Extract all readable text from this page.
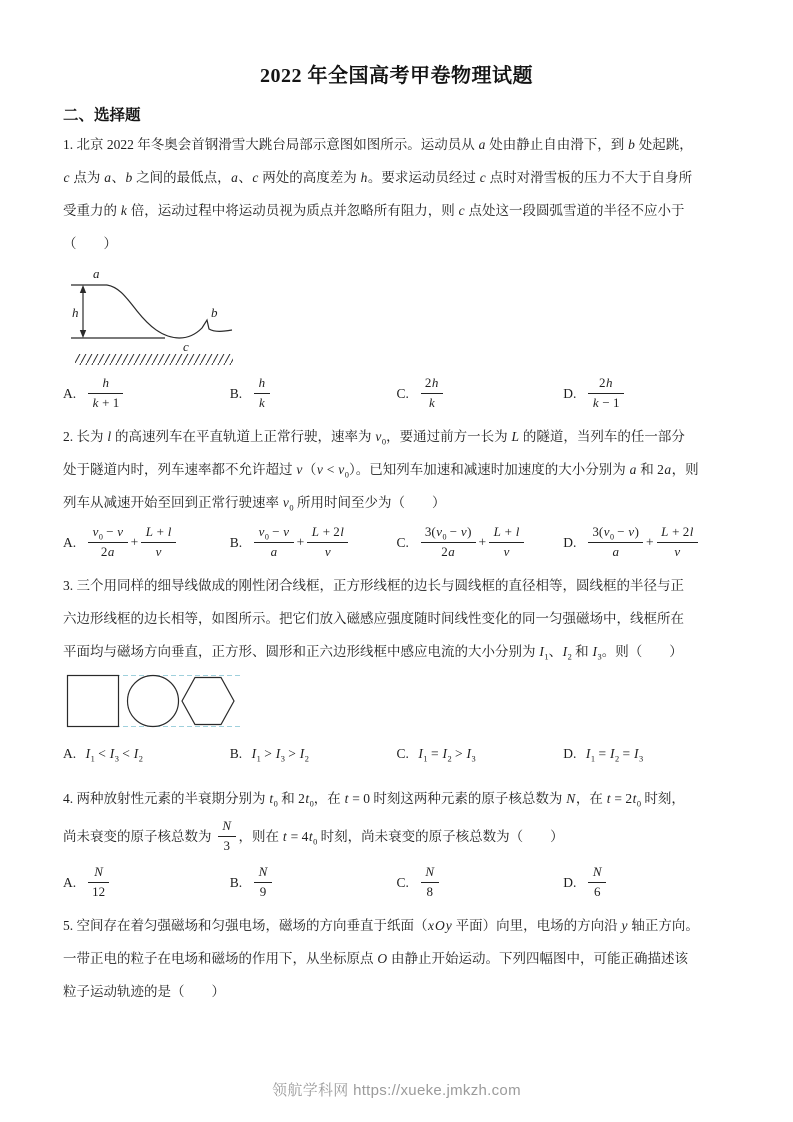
2022 年全国高考甲卷物理试题
二、选择题

1. 北京 2022 年冬奥会首钢滑雪大跳台局部示意图如图所示。运动员从 a 处由静止自由滑下，到 b 处起跳，

c 点为 a、b 之间的最低点，a、c 两处的高度差为 h。要求运动员经过 c 点时对滑雪板的压力不大于自身所

受重力的 k 倍，运动过程中将运动员视为质点并忽略所有阻力，则 c 点处这一段圆弧雪道的半径不应小于

（　　 ）

a
h	b
c
A. $\frac{h}{k + 1}$	B. $\frac{h}{k}$	C. $\frac{2h}{k}$	D. $\frac{2h}{k - 1}$

2. 长为 l 的高速列车在平直轨道上正常行驶，速率为 $v_0$，要通过前方一长为 L 的隧道，当列车的任一部分

处于隧道内时，列车速率都不允许超过 $v(v < v_0)$。已知列车加速和减速时加速度的大小分别为 a 和 2a，则

列车从减速开始至回到正常行驶速率 $v_0$ 所用时间至少为（　　 ）

A. $\frac{v_0 - v}{2a} + \frac{L + l}{v}$	B. $\frac{v_0 - v}{a} + \frac{L + 2l}{v}$	C. $\frac{3(v_0 - v)}{2a} + \frac{L + l}{v}$	D. $\frac{3(v_0 - v)}{a} + \frac{L + 2l}{v}$

3. 三个用同样的细导线做成的刚性闭合线框，正方形线框的边长与圆线框的直径相等，圆线框的半径与正

六边形线框的边长相等，如图所示。把它们放入磁感应强度随时间线性变化的同一匀强磁场中，线框所在

平面均与磁场方向垂直，正方形、圆形和正六边形线框中感应电流的大小分别为 $I_1$、$I_2$ 和 $I_3$。则（　　 ）

A. $I_1 < I_3 < I_2$	B. $I_1 > I_3 > I_2$	C. $I_1 = I_2 > I_3$	D. $I_1 = I_2 = I_3$

4. 两种放射性元素的半衰期分别为 $t_0$ 和 $2t_0$，在 t = 0 时刻这两种元素的原子核总数为 N，在 $t = 2t_0$ 时刻，

尚未衰变的原子核总数为 $\frac{N}{3}$ ，则在 $t = 4t_0$ 时刻，尚未衰变的原子核总数为（　　 ）

A. $\frac{N}{12}$	B. $\frac{N}{9}$	C. $\frac{N}{8}$	D. $\frac{N}{6}$

5. 空间存在着匀强磁场和匀强电场，磁场的方向垂直于纸面（xOy 平面）向里，电场的方向沿 y 轴正方向。

一带正电的粒子在电场和磁场的作用下，从坐标原点 O 由静止开始运动。下列四幅图中，可能正确描述该

粒子运动轨迹的是（　　 ）

领航学科网 https://xueke.jmkzh.com
